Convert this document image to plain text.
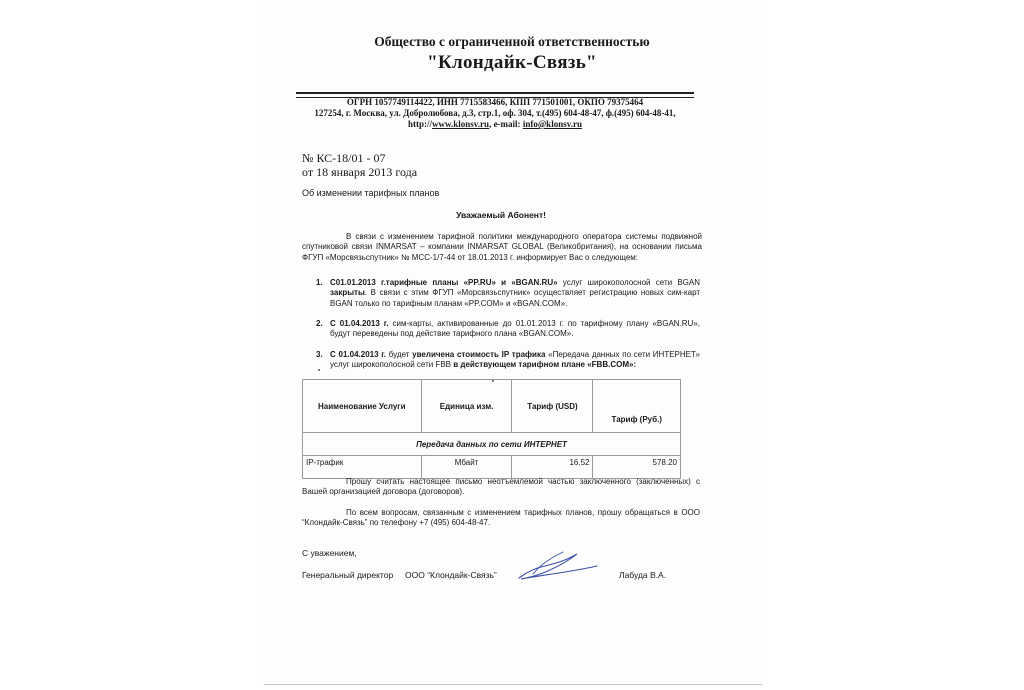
Общество с ограниченной ответственностью
"Клондайк-Связь"
ОГРН 1057749114422, ИНН 7715583466, КПП 771501001, ОКПО 79375464
127254, г. Москва, ул. Добролюбова, д.3, стр.1, оф. 304, т.(495) 604-48-47, ф.(495) 604-48-41,
http://www.klonsv.ru, e-mail: info@klonsv.ru
№ КС-18/01 - 07
от 18 января 2013 года
Об изменении тарифных планов
Уважаемый Абонент!
В связи с изменением тарифной политики международного оператора системы подвижной спутниковой связи INMARSAT – компании INMARSAT GLOBAL (Великобритания), на основании письма ФГУП «Морсвязьспутник» № МСС-1/7-44 от 18.01.2013 г. информирует Вас о следующем:
1. С01.01.2013 г.тарифные планы «PP.RU» и «BGAN.RU» услуг широкополосной сети BGAN закрыты. В связи с этим ФГУП «Морсвязьспутник» осуществляет регистрацию новых сим-карт BGAN только по тарифным планам «PP.COM» и «BGAN.COM».
2. С 01.04.2013 г. сим-карты, активированные до 01.01.2013 г. по тарифному плану «BGAN.RU», будут переведены под действие тарифного плана «BGAN.COM».
3. С 01.04.2013 г. будет увеличена стоимость IP трафика «Передача данных по сети ИНТЕРНЕТ» услуг широкополосной сети FBB в действующем тарифном плане «FBB.COM»:
Наименование Услуги	Единица изм.	Тариф (USD)	Тариф (Руб.)
Передача данных по сети ИНТЕРНЕТ			
IP-трафик	Мбайт	16.52	578.20
Прошу считать настоящее письмо неотъемлемой частью заключенного (заключенных) с Вашей организацией договора (договоров).
По всем вопросам, связанным с изменением тарифных планов, прошу обращаться в ООО “Клондайк-Связь” по телефону +7 (495) 604-48-47.
С уважением,
Генеральный директор ООО “Клондайк-Связь”	Лабуда В.А.
